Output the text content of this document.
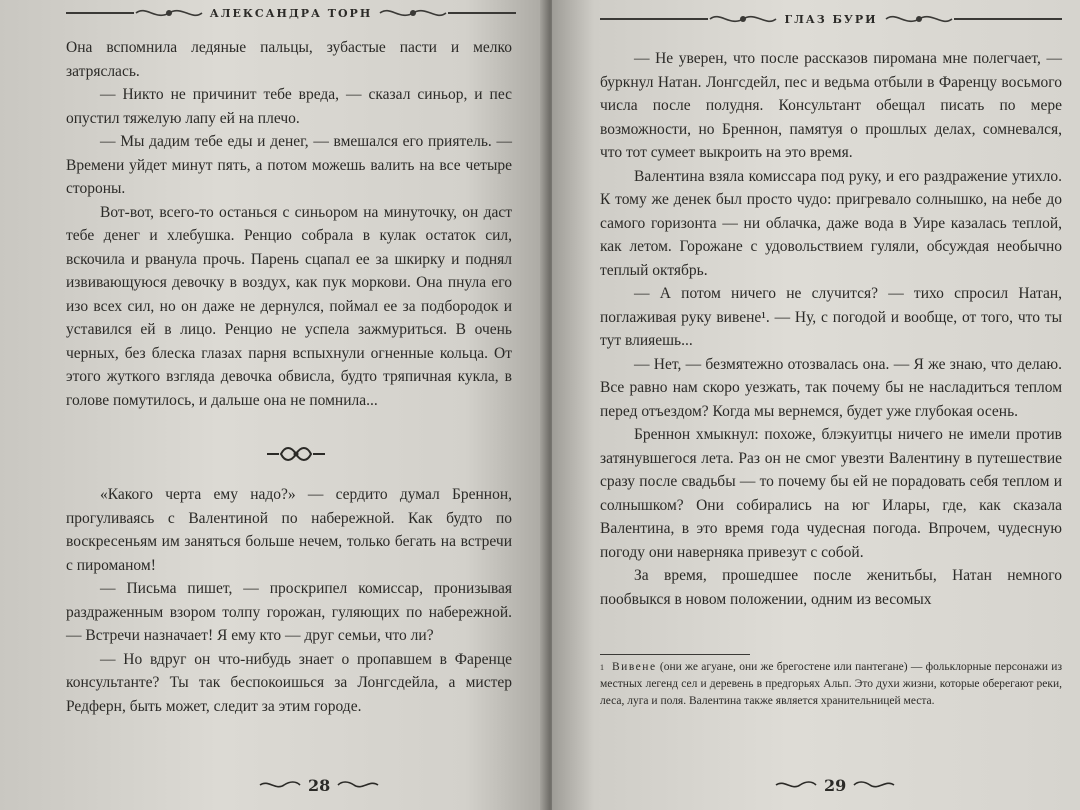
АЛЕКСАНДРА ТОРН

Она вспомнила ледяные пальцы, зубастые пасти и мелко затряслась.

— Никто не причинит тебе вреда, — сказал синьор, и пес опустил тяжелую лапу ей на плечо.

— Мы дадим тебе еды и денег, — вмешался его приятель. — Времени уйдет минут пять, а потом можешь валить на все четыре стороны.

Вот-вот, всего-то останься с синьором на минуточку, он даст тебе денег и хлебушка. Ренцио собрала в кулак остаток сил, вскочила и рванула прочь. Парень сцапал ее за шкирку и поднял извивающуюся девочку в воздух, как пук моркови. Она пнула его изо всех сил, но он даже не дернулся, поймал ее за подбородок и уставился ей в лицо. Ренцио не успела зажмуриться. В очень черных, без блеска глазах парня вспыхнули огненные кольца. От этого жуткого взгляда девочка обвисла, будто тряпичная кукла, в голове помутилось, и дальше она не помнила...

«Какого черта ему надо?» — сердито думал Бреннон, прогуливаясь с Валентиной по набережной. Как будто по воскресеньям им заняться больше нечем, только бегать на встречи с пироманом!

— Письма пишет, — проскрипел комиссар, пронизывая раздраженным взором толпу горожан, гуляющих по набережной. — Встречи назначает! Я ему кто — друг семьи, что ли?

— Но вдруг он что-нибудь знает о пропавшем в Фаренце консультанте? Ты так беспокоишься за Лонгсдейла, а мистер Редферн, быть может, следит за этим городе.

28
ГЛАЗ БУРИ

— Не уверен, что после рассказов пиромана мне полегчает, — буркнул Натан. Лонгсдейл, пес и ведьма отбыли в Фаренцу восьмого числа после полудня. Консультант обещал писать по мере возможности, но Бреннон, памятуя о прошлых делах, сомневался, что тот сумеет выкроить на это время.

Валентина взяла комиссара под руку, и его раздражение утихло. К тому же денек был просто чудо: пригревало солнышко, на небе до самого горизонта — ни облачка, даже вода в Уире казалась теплой, как летом. Горожане с удовольствием гуляли, обсуждая необычно теплый октябрь.

— А потом ничего не случится? — тихо спросил Натан, поглаживая руку вивене¹. — Ну, с погодой и вообще, от того, что ты тут влияешь...

— Нет, — безмятежно отозвалась она. — Я же знаю, что делаю. Все равно нам скоро уезжать, так почему бы не насладиться теплом перед отъездом? Когда мы вернемся, будет уже глубокая осень.

Бреннон хмыкнул: похоже, блэкуитцы ничего не имели против затянувшегося лета. Раз он не смог увезти Валентину в путешествие сразу после свадьбы — то почему бы ей не порадовать себя теплом и солнышком? Они собирались на юг Илары, где, как сказала Валентина, в это время года чудесная погода. Впрочем, чудесную погоду они наверняка привезут с собой.

За время, прошедшее после женитьбы, Натан немного пообвыкся в новом положении, одним из весомых

$^1$ Вивене (они же агуане, они же брегостене или пантегане) — фольклорные персонажи из местных легенд сел и деревень в предгорьях Альп. Это духи жизни, которые оберегают реки, леса, луга и поля. Валентина также является хранительницей места.
29
